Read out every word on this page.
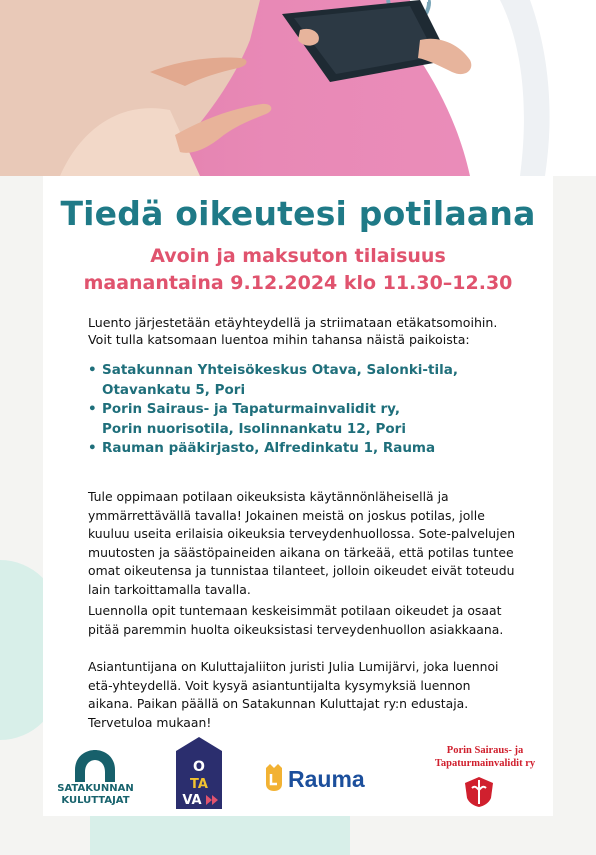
Tiedä oikeutesi potilaana
Avoin ja maksuton tilaisuus
maanantaina 9.12.2024 klo 11.30–12.30
Luento järjestetään etäyhteydellä ja striimataan etäkatsomoihin.
Voit tulla katsomaan luentoa mihin tahansa näistä paikoista:
• Satakunnan Yhteisökeskus Otava, Salonki-tila,
Otavankatu 5, Pori
• Porin Sairaus- ja Tapaturmainvalidit ry,
Porin nuorisotila, Isolinnankatu 12, Pori
• Rauman pääkirjasto, Alfredinkatu 1, Rauma
Tule oppimaan potilaan oikeuksista käytännönläheisellä ja ymmärrettävällä tavalla! Jokainen meistä on joskus potilas, jolle kuuluu useita erilaisia oikeuksia terveydenhuollossa. Sote-palvelujen muutosten ja säästöpaineiden aikana on tärkeää, että potilas tuntee omat oikeutensa ja tunnistaa tilanteet, jolloin oikeudet eivät toteudu lain tarkoittamalla tavalla.
Luennolla opit tuntemaan keskeisimmät potilaan oikeudet ja osaat pitää paremmin huolta oikeuksistasi terveydenhuollon asiakkaana.
Asiantuntijana on Kuluttajaliiton juristi Julia Lumijärvi, joka luennoi etä-yhteydellä. Voit kysyä asiantuntijalta kysymyksiä luennon aikana. Paikan päällä on Satakunnan Kuluttajat ry:n edustaja. Tervetuloa mukaan!
SATAKUNNAN
KULUTTAJAT
O
TA
VA
Rauma
Porin Sairaus- ja
Tapaturmainvalidit ry
